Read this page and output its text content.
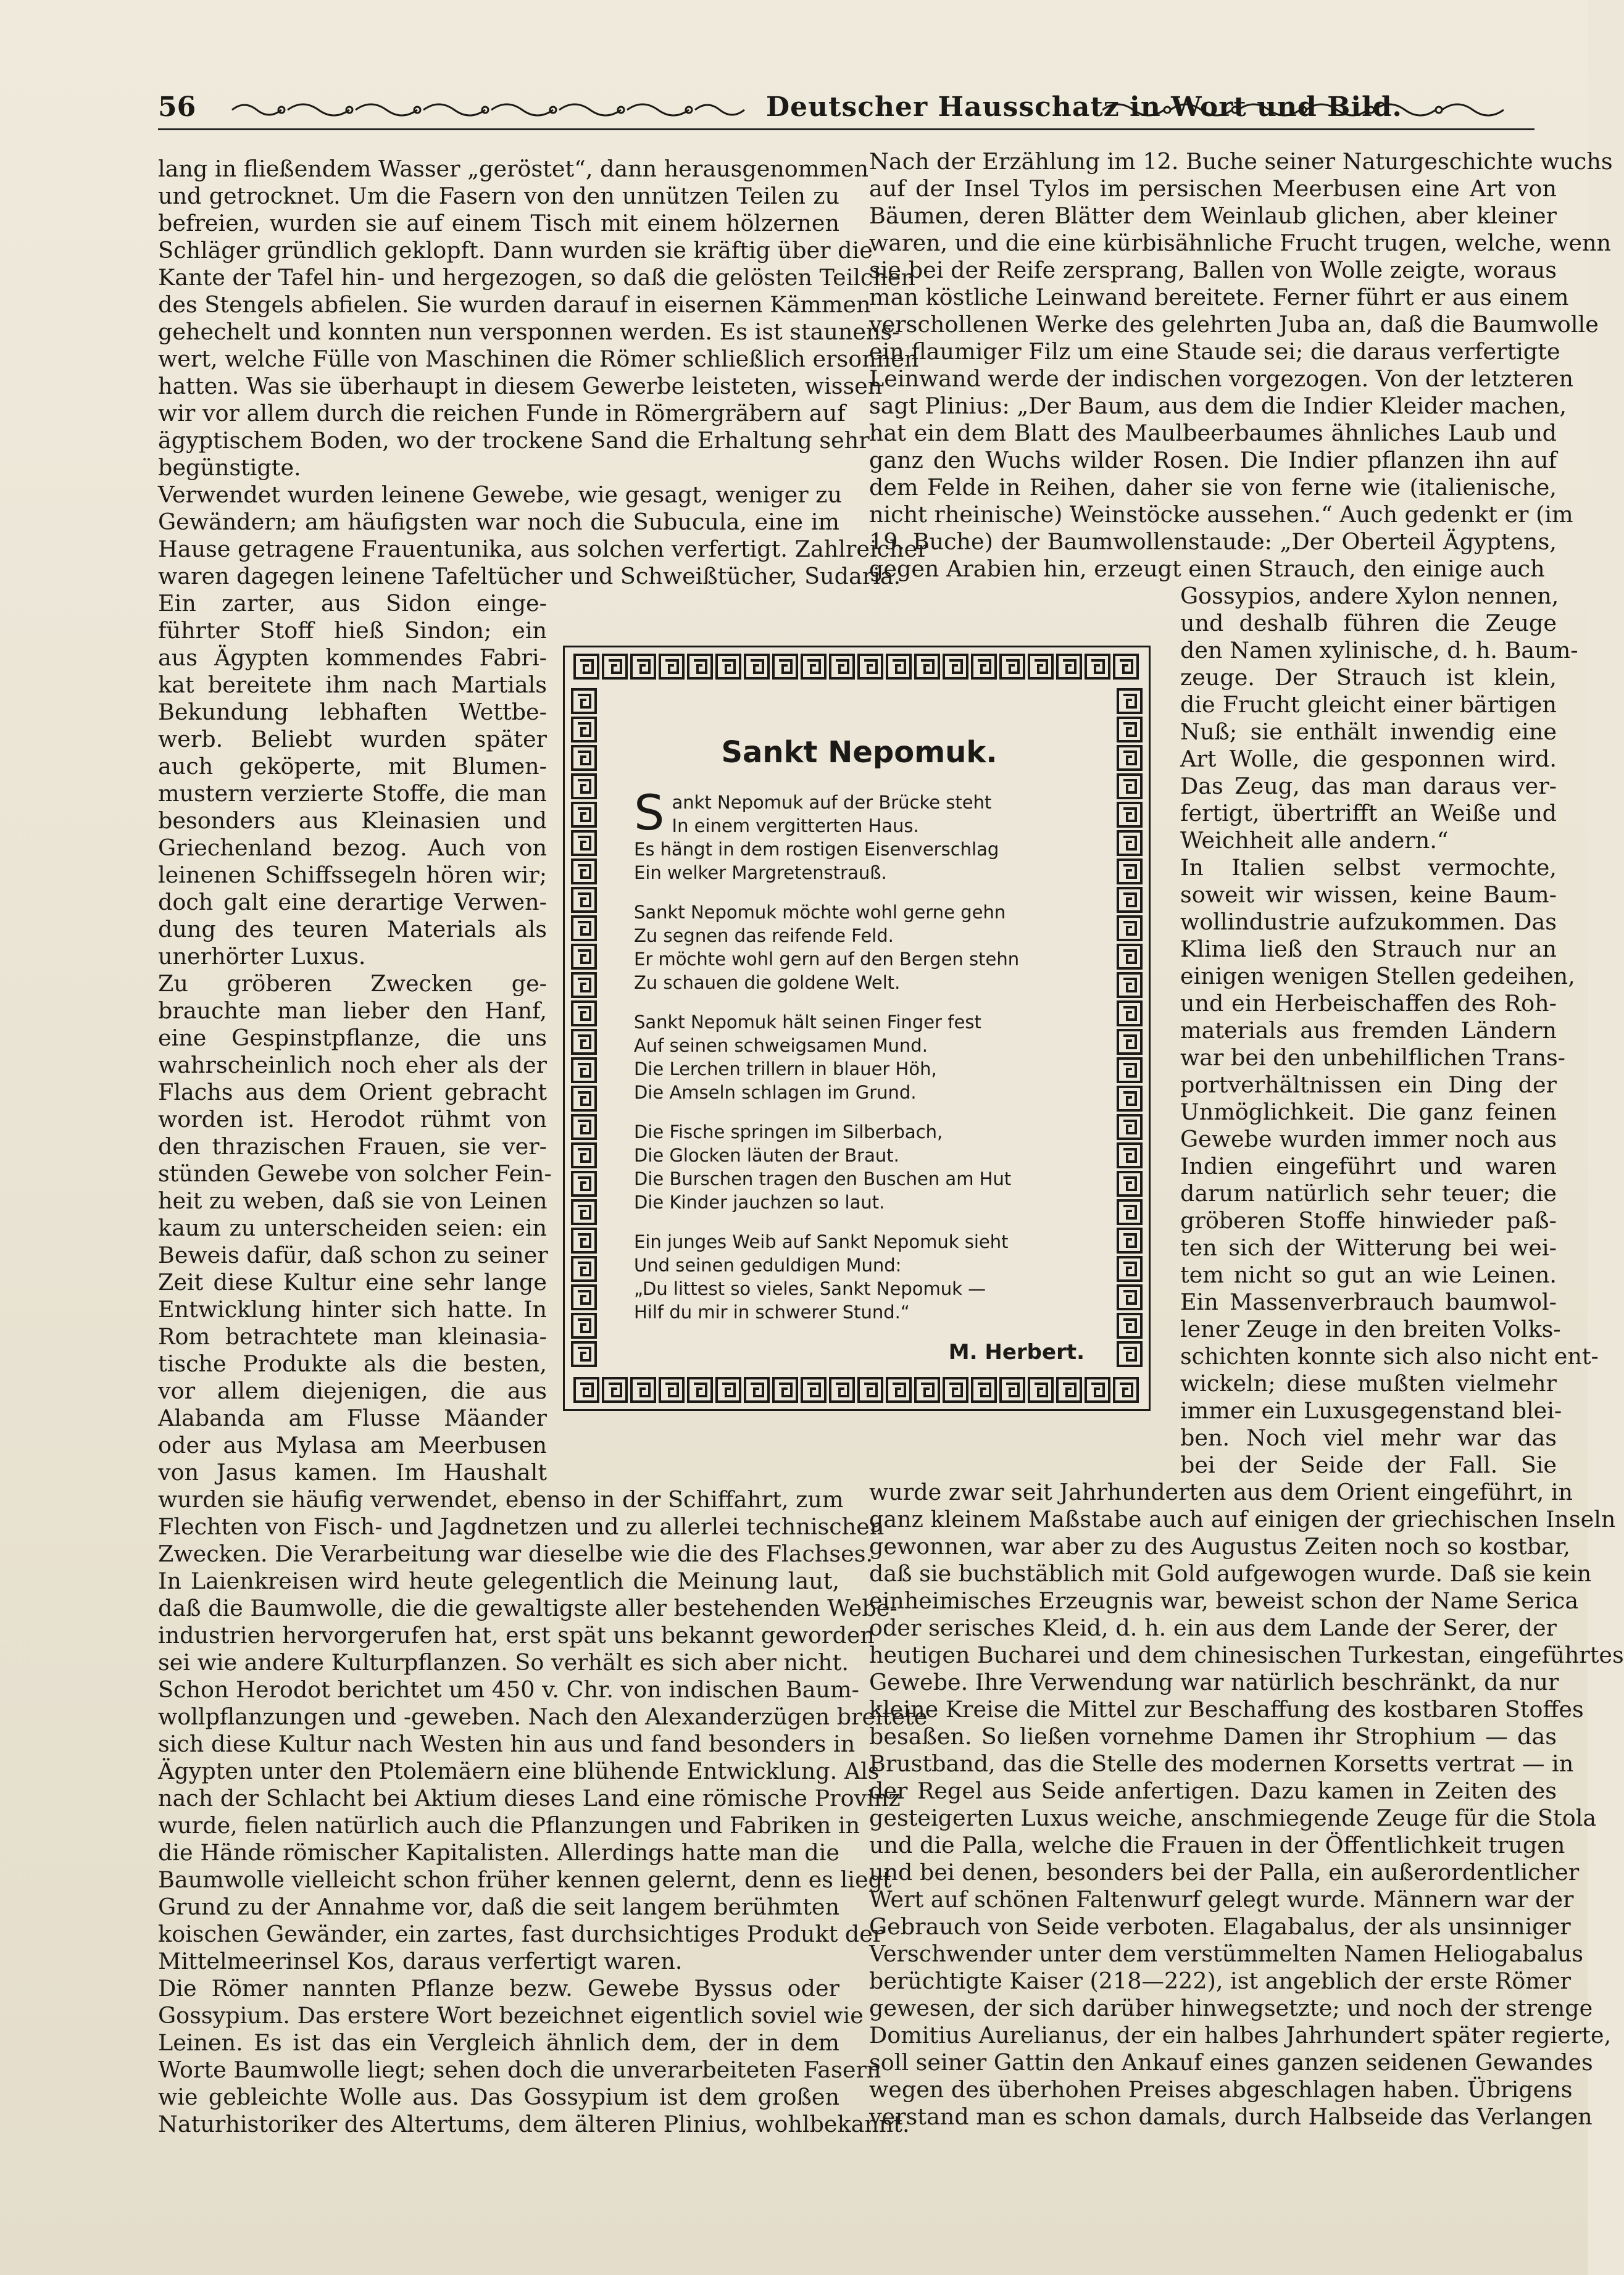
56	Deutscher Hausschatz in Wort und Bild.
lang in fließendem Wasser „geröstet“, dann herausgenommen
und getrocknet. Um die Fasern von den unnützen Teilen zu
befreien, wurden sie auf einem Tisch mit einem hölzernen
Schläger gründlich geklopft. Dann wurden sie kräftig über die
Kante der Tafel hin- und hergezogen, so daß die gelösten Teilchen
des Stengels abfielen. Sie wurden darauf in eisernen Kämmen
gehechelt und konnten nun versponnen werden. Es ist staunens-
wert, welche Fülle von Maschinen die Römer schließlich ersonnen
hatten. Was sie überhaupt in diesem Gewerbe leisteten, wissen
wir vor allem durch die reichen Funde in Römergräbern auf
ägyptischem Boden, wo der trockene Sand die Erhaltung sehr
begünstigte.
Verwendet wurden leinene Gewebe, wie gesagt, weniger zu
Gewändern; am häufigsten war noch die Subucula, eine im
Hause getragene Frauentunika, aus solchen verfertigt. Zahlreicher
waren dagegen leinene Tafeltücher und Schweißtücher, Sudaria.
Ein zarter, aus Sidon einge-
führter Stoff hieß Sindon; ein
aus Ägypten kommendes Fabri-
kat bereitete ihm nach Martials
Bekundung lebhaften Wettbe-
werb. Beliebt wurden später
auch geköperte, mit Blumen-
mustern verzierte Stoffe, die man
besonders aus Kleinasien und
Griechenland bezog. Auch von
leinenen Schiffssegeln hören wir;
doch galt eine derartige Verwen-
dung des teuren Materials als
unerhörter Luxus.
Zu gröberen Zwecken ge-
brauchte man lieber den Hanf,
eine Gespinstpflanze, die uns
wahrscheinlich noch eher als der
Flachs aus dem Orient gebracht
worden ist. Herodot rühmt von
den thrazischen Frauen, sie ver-
stünden Gewebe von solcher Fein-
heit zu weben, daß sie von Leinen
kaum zu unterscheiden seien: ein
Beweis dafür, daß schon zu seiner
Zeit diese Kultur eine sehr lange
Entwicklung hinter sich hatte. In
Rom betrachtete man kleinasia-
tische Produkte als die besten,
vor allem diejenigen, die aus
Alabanda am Flusse Mäander
oder aus Mylasa am Meerbusen
von Jasus kamen. Im Haushalt
wurden sie häufig verwendet, ebenso in der Schiffahrt, zum
Flechten von Fisch- und Jagdnetzen und zu allerlei technischen
Zwecken. Die Verarbeitung war dieselbe wie die des Flachses.
In Laienkreisen wird heute gelegentlich die Meinung laut,
daß die Baumwolle, die die gewaltigste aller bestehenden Webe-
industrien hervorgerufen hat, erst spät uns bekannt geworden
sei wie andere Kulturpflanzen. So verhält es sich aber nicht.
Schon Herodot berichtet um 450 v. Chr. von indischen Baum-
wollpflanzungen und -geweben. Nach den Alexanderzügen breitete
sich diese Kultur nach Westen hin aus und fand besonders in
Ägypten unter den Ptolemäern eine blühende Entwicklung. Als
nach der Schlacht bei Aktium dieses Land eine römische Provinz
wurde, fielen natürlich auch die Pflanzungen und Fabriken in
die Hände römischer Kapitalisten. Allerdings hatte man die
Baumwolle vielleicht schon früher kennen gelernt, denn es liegt
Grund zu der Annahme vor, daß die seit langem berühmten
koischen Gewänder, ein zartes, fast durchsichtiges Produkt der
Mittelmeerinsel Kos, daraus verfertigt waren.
Die Römer nannten Pflanze bezw. Gewebe Byssus oder
Gossypium. Das erstere Wort bezeichnet eigentlich soviel wie
Leinen. Es ist das ein Vergleich ähnlich dem, der in dem
Worte Baumwolle liegt; sehen doch die unverarbeiteten Fasern
wie gebleichte Wolle aus. Das Gossypium ist dem großen
Naturhistoriker des Altertums, dem älteren Plinius, wohlbekannt.
Nach der Erzählung im 12. Buche seiner Naturgeschichte wuchs
auf der Insel Tylos im persischen Meerbusen eine Art von
Bäumen, deren Blätter dem Weinlaub glichen, aber kleiner
waren, und die eine kürbisähnliche Frucht trugen, welche, wenn
sie bei der Reife zersprang, Ballen von Wolle zeigte, woraus
man köstliche Leinwand bereitete. Ferner führt er aus einem
verschollenen Werke des gelehrten Juba an, daß die Baumwolle
ein flaumiger Filz um eine Staude sei; die daraus verfertigte
Leinwand werde der indischen vorgezogen. Von der letzteren
sagt Plinius: „Der Baum, aus dem die Indier Kleider machen,
hat ein dem Blatt des Maulbeerbaumes ähnliches Laub und
ganz den Wuchs wilder Rosen. Die Indier pflanzen ihn auf
dem Felde in Reihen, daher sie von ferne wie (italienische,
nicht rheinische) Weinstöcke aussehen.“ Auch gedenkt er (im
19. Buche) der Baumwollenstaude: „Der Oberteil Ägyptens,
gegen Arabien hin, erzeugt einen Strauch, den einige auch
Gossypios, andere Xylon nennen,
und deshalb führen die Zeuge
den Namen xylinische, d. h. Baum-
zeuge. Der Strauch ist klein,
die Frucht gleicht einer bärtigen
Nuß; sie enthält inwendig eine
Art Wolle, die gesponnen wird.
Das Zeug, das man daraus ver-
fertigt, übertrifft an Weiße und
Weichheit alle andern.“
In Italien selbst vermochte,
soweit wir wissen, keine Baum-
wollindustrie aufzukommen. Das
Klima ließ den Strauch nur an
einigen wenigen Stellen gedeihen,
und ein Herbeischaffen des Roh-
materials aus fremden Ländern
war bei den unbehilflichen Trans-
portverhältnissen ein Ding der
Unmöglichkeit. Die ganz feinen
Gewebe wurden immer noch aus
Indien eingeführt und waren
darum natürlich sehr teuer; die
gröberen Stoffe hinwieder paß-
ten sich der Witterung bei wei-
tem nicht so gut an wie Leinen.
Ein Massenverbrauch baumwol-
lener Zeuge in den breiten Volks-
schichten konnte sich also nicht ent-
wickeln; diese mußten vielmehr
immer ein Luxusgegenstand blei-
ben. Noch viel mehr war das
bei der Seide der Fall. Sie
wurde zwar seit Jahrhunderten aus dem Orient eingeführt, in
ganz kleinem Maßstabe auch auf einigen der griechischen Inseln
gewonnen, war aber zu des Augustus Zeiten noch so kostbar,
daß sie buchstäblich mit Gold aufgewogen wurde. Daß sie kein
einheimisches Erzeugnis war, beweist schon der Name Serica
oder serisches Kleid, d. h. ein aus dem Lande der Serer, der
heutigen Bucharei und dem chinesischen Turkestan, eingeführtes
Gewebe. Ihre Verwendung war natürlich beschränkt, da nur
kleine Kreise die Mittel zur Beschaffung des kostbaren Stoffes
besaßen. So ließen vornehme Damen ihr Strophium — das
Brustband, das die Stelle des modernen Korsetts vertrat — in
der Regel aus Seide anfertigen. Dazu kamen in Zeiten des
gesteigerten Luxus weiche, anschmiegende Zeuge für die Stola
und die Palla, welche die Frauen in der Öffentlichkeit trugen
und bei denen, besonders bei der Palla, ein außerordentlicher
Wert auf schönen Faltenwurf gelegt wurde. Männern war der
Gebrauch von Seide verboten. Elagabalus, der als unsinniger
Verschwender unter dem verstümmelten Namen Heliogabalus
berüchtigte Kaiser (218—222), ist angeblich der erste Römer
gewesen, der sich darüber hinwegsetzte; und noch der strenge
Domitius Aurelianus, der ein halbes Jahrhundert später regierte,
soll seiner Gattin den Ankauf eines ganzen seidenen Gewandes
wegen des überhohen Preises abgeschlagen haben. Übrigens
verstand man es schon damals, durch Halbseide das Verlangen
Sankt Nepomuk.
Sankt Nepomuk auf der Brücke steht
In einem vergitterten Haus.
Es hängt in dem rostigen Eisenverschlag
Ein welker Margretenstrauß.
Sankt Nepomuk möchte wohl gerne gehn
Zu segnen das reifende Feld.
Er möchte wohl gern auf den Bergen stehn
Zu schauen die goldene Welt.
Sankt Nepomuk hält seinen Finger fest
Auf seinen schweigsamen Mund.
Die Lerchen trillern in blauer Höh,
Die Amseln schlagen im Grund.
Die Fische springen im Silberbach,
Die Glocken läuten der Braut.
Die Burschen tragen den Buschen am Hut
Die Kinder jauchzen so laut.
Ein junges Weib auf Sankt Nepomuk sieht
Und seinen geduldigen Mund:
„Du littest so vieles, Sankt Nepomuk —
Hilf du mir in schwerer Stund.“
M. Herbert.
